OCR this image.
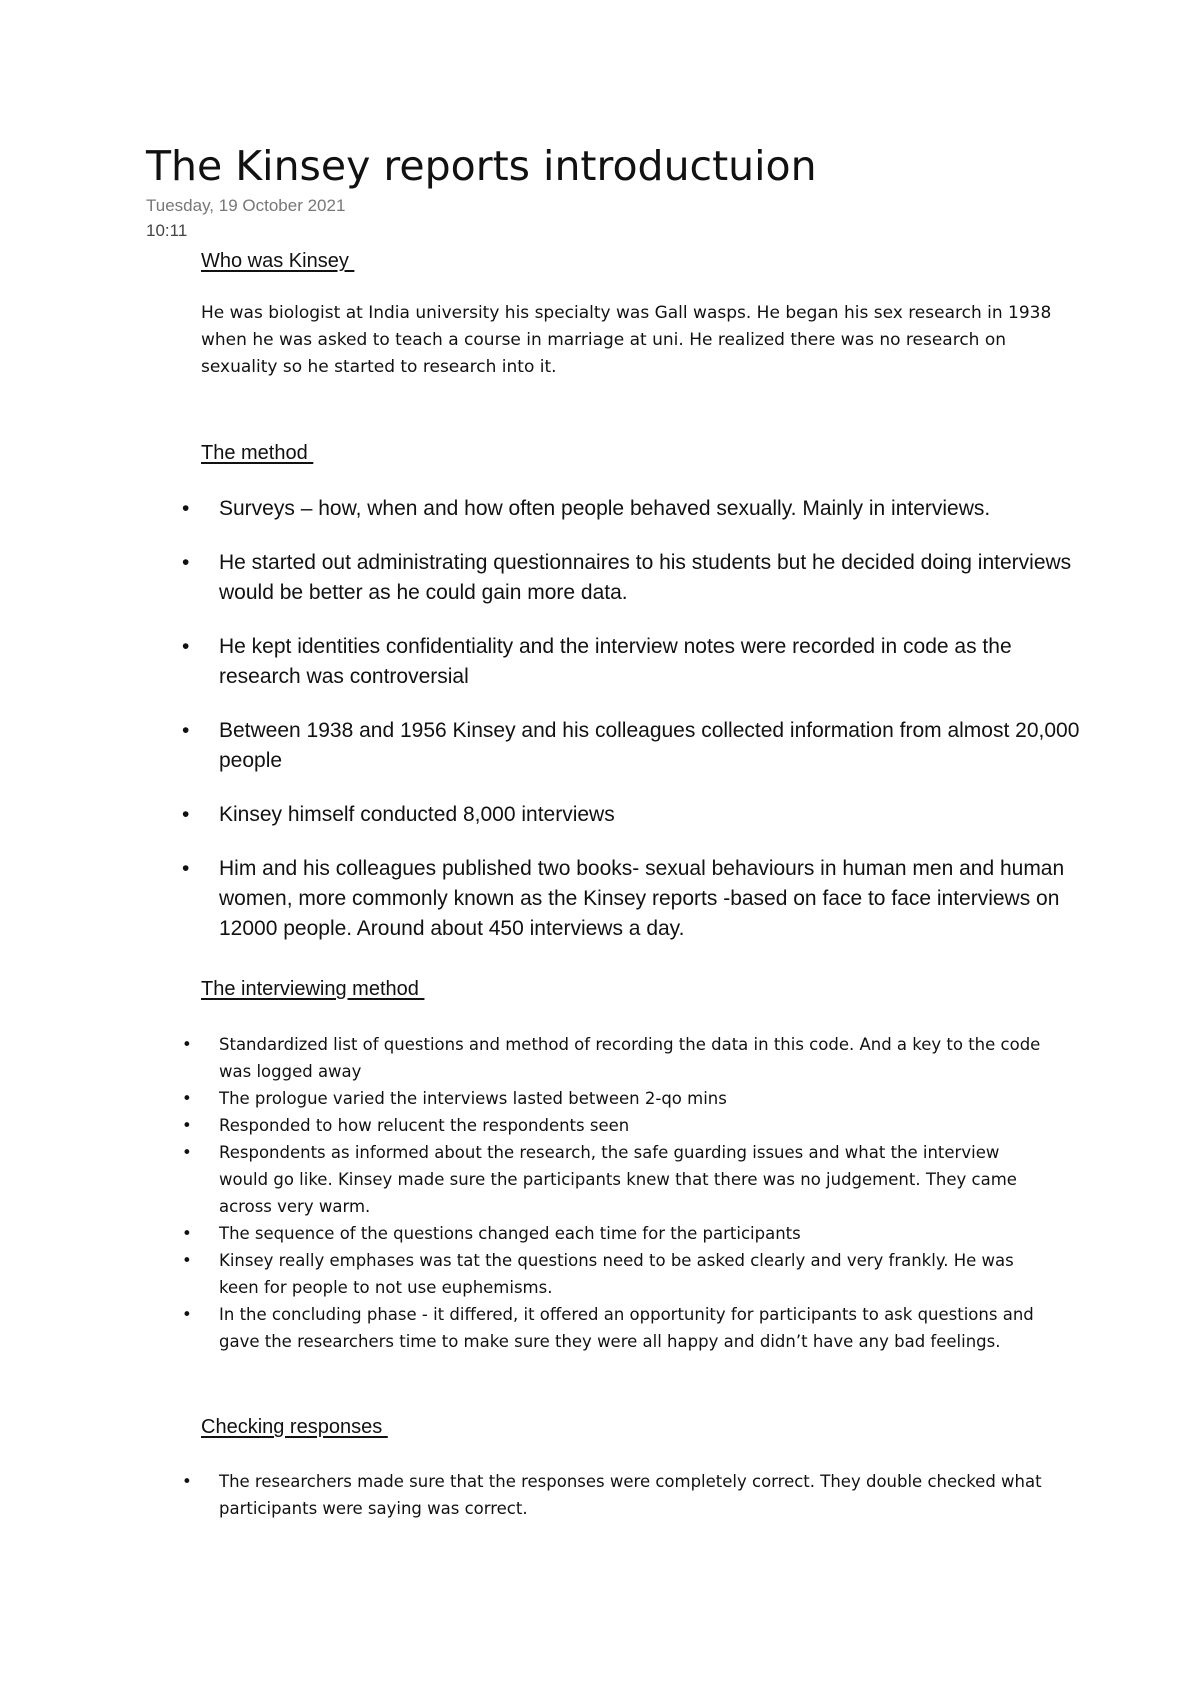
The Kinsey reports introductuion
Tuesday, 19 October 2021
10:11
Who was Kinsey
He was biologist at India university his specialty was Gall wasps. He began his sex research in 1938 when he was asked to teach a course in marriage at uni. He realized there was no research on sexuality so he started to research into it.
The method
• Surveys – how, when and how often people behaved sexually. Mainly in interviews.
• He started out administrating questionnaires to his students but he decided doing interviews would be better as he could gain more data.
• He kept identities confidentiality and the interview notes were recorded in code as the research was controversial
• Between 1938 and 1956 Kinsey and his colleagues collected information from almost 20,000 people
• Kinsey himself conducted 8,000 interviews
• Him and his colleagues published two books- sexual behaviours in human men and human women, more commonly known as the Kinsey reports -based on face to face interviews on 12000 people. Around about 450 interviews a day.
The interviewing method
• Standardized list of questions and method of recording the data in this code. And a key to the code was logged away
• The prologue varied the interviews lasted between 2-qo mins
• Responded to how relucent the respondents seen
• Respondents as informed about the research, the safe guarding issues and what the interview would go like. Kinsey made sure the participants knew that there was no judgement. They came across very warm.
• The sequence of the questions changed each time for the participants
• Kinsey really emphases was tat the questions need to be asked clearly and very frankly. He was keen for people to not use euphemisms.
• In the concluding phase - it differed, it offered an opportunity for participants to ask questions and gave the researchers time to make sure they were all happy and didn’t have any bad feelings.
Checking responses
• The researchers made sure that the responses were completely correct. They double checked what participants were saying was correct.
